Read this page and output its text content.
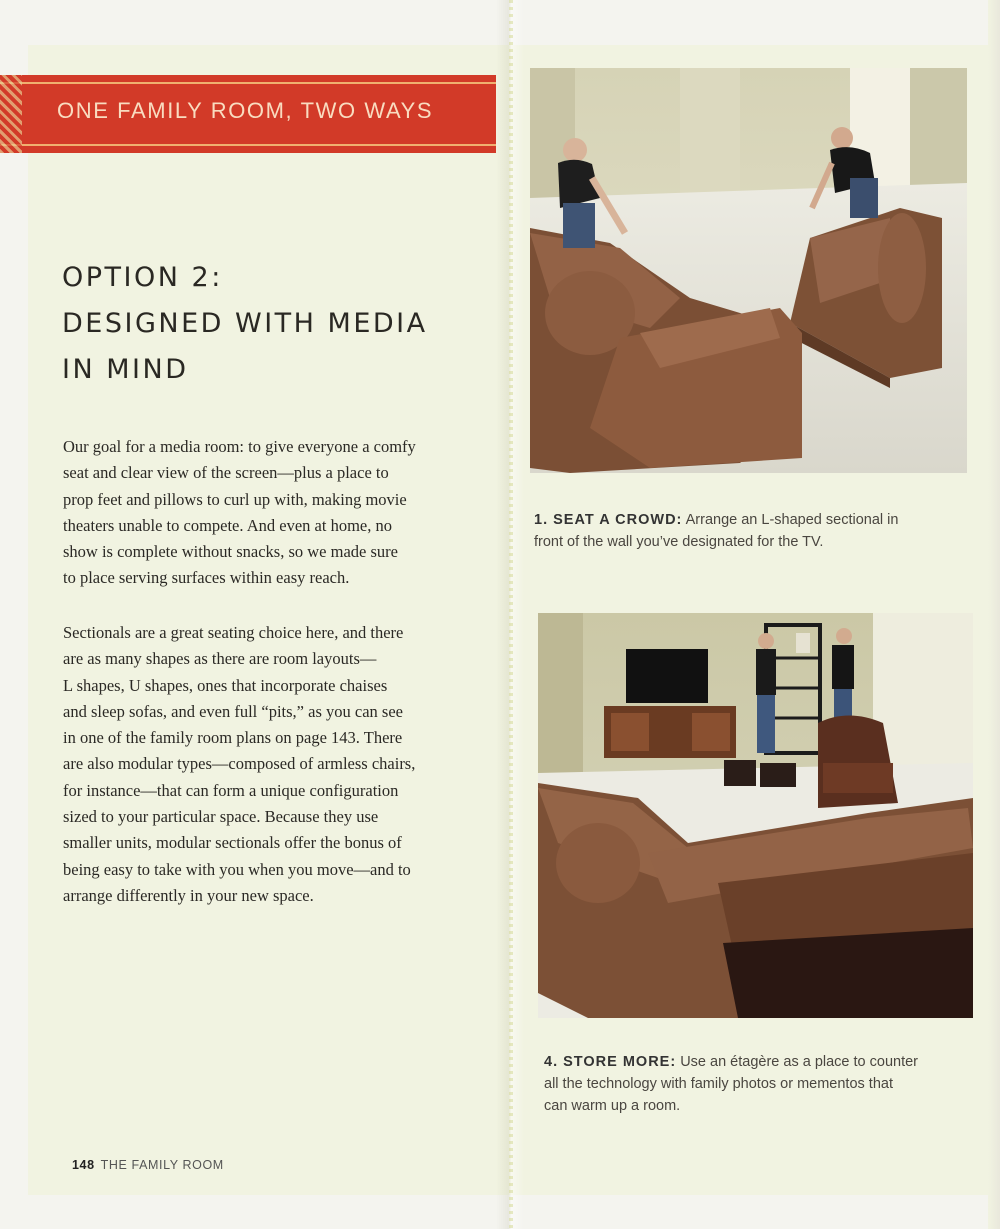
ONE FAMILY ROOM, TWO WAYS
OPTION 2:
DESIGNED WITH MEDIA
IN MIND

Our goal for a media room: to give everyone a comfy
seat and clear view of the screen—plus a place to
prop feet and pillows to curl up with, making movie
theaters unable to compete. And even at home, no
show is complete without snacks, so we made sure
to place serving surfaces within easy reach.

Sectionals are a great seating choice here, and there
are as many shapes as there are room layouts—
L shapes, U shapes, ones that incorporate chaises
and sleep sofas, and even full “pits,” as you can see
in one of the family room plans on page 143. There
are also modular types—composed of armless chairs,
for instance—that can form a unique configuration
sized to your particular space. Because they use
smaller units, modular sectionals offer the bonus of
being easy to take with you when you move—and to
arrange differently in your new space.

148 THE FAMILY ROOM

1. SEAT A CROWD: Arrange an L-shaped sectional in
front of the wall you’ve designated for the TV.

4. STORE MORE: Use an étagère as a place to counter
all the technology with family photos or mementos that
can warm up a room.
